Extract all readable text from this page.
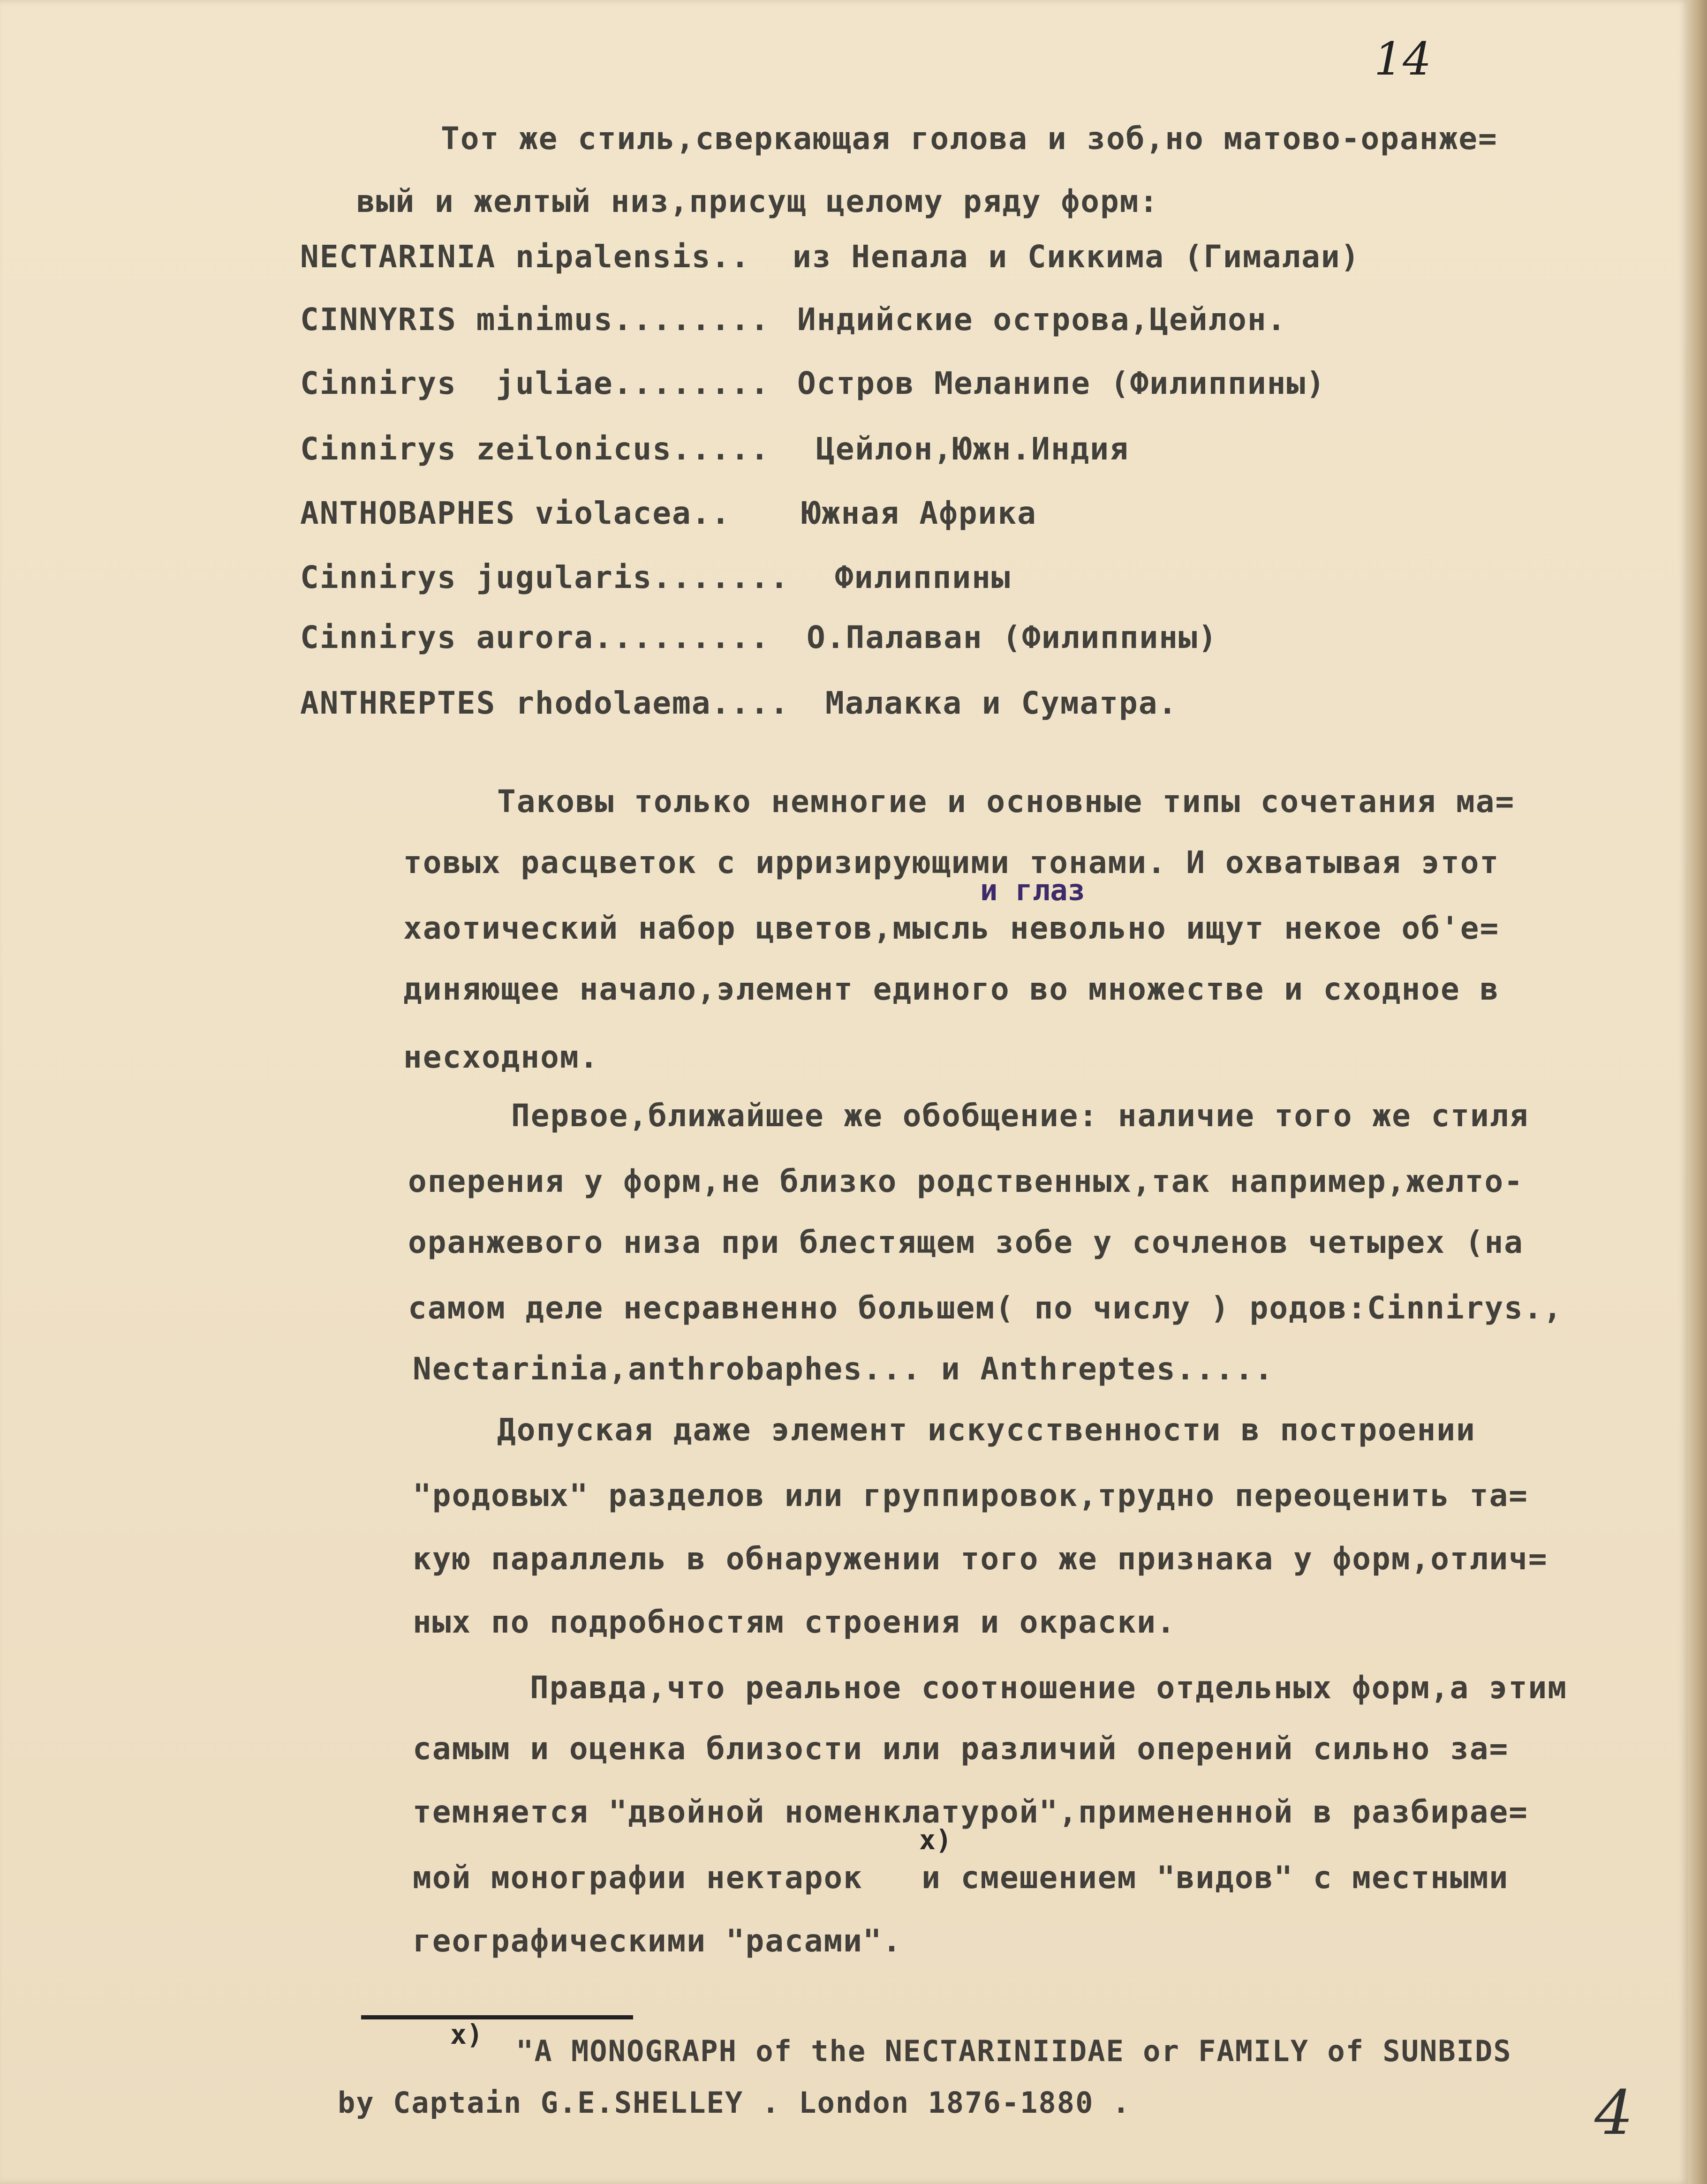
14
Тот же стиль,сверкающая голова и зоб,но матово-оранже=
вый и желтый низ,присущ целому ряду форм:
NECTARINIA nipalensis.. из Непала и Сиккима (Гималаи)
CINNYRIS minimus........ Индийские острова,Цейлон.
Cinnirys  juliae........ Остров Меланипе (Филиппины)
Cinnirys zeilonicus..... Цейлон,Южн.Индия
ANTHOBAPHES violacea.. Южная Африка
Cinnirys jugularis....... Филиппины
Cinnirys aurora......... О.Палаван (Филиппины)
ANTHREPTES rhodolaema.... Малакка и Суматра.
Таковы только немногие и основные типы сочетания ма=
товых расцветок с ирризирующими тонами. И охватывая этот
и глаз
хаотический набор цветов,мысль невольно ищут некое об'е=
диняющее начало,элемент единого во множестве и сходное в
несходном.
Первое,ближайшее же обобщение: наличие того же стиля
оперения у форм,не близко родственных,так например,желто-
оранжевого низа при блестящем зобе у сочленов четырех (на
самом деле несравненно большем( по числу ) родов:Cinnirys.,
Nectarinia,anthrobaphes... и Anthreptes.....
Допуская даже элемент искусственности в построении
"родовых" разделов или группировок,трудно переоценить та=
кую параллель в обнаружении того же признака у форм,отлич=
ных по подробностям строения и окраски.
Правда,что реальное соотношение отдельных форм,а этим
самым и оценка близости или различий оперений сильно за=
темняется "двойной номенклатурой",примененной в разбирае=
x)
мой монографии нектарок   и смешением "видов" с местными
географическими "расами".
x) "A MONOGRAPH of the NECTARINIIDAE or FAMILY of SUNBIDS
by Captain G.E.SHELLEY . London 1876-1880 .	4
